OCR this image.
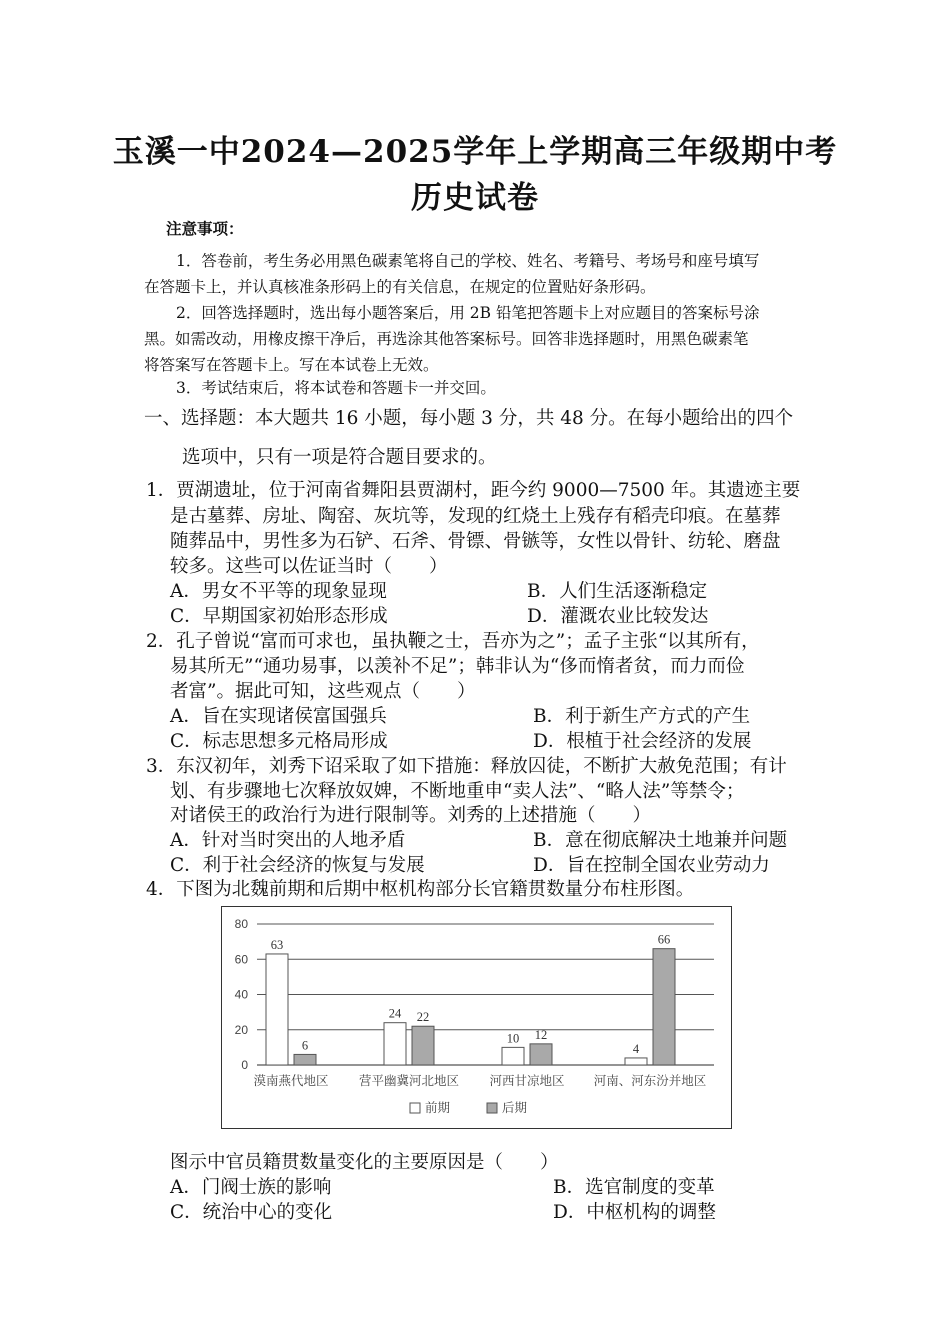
玉溪一中2024—2025学年上学期高三年级期中考
历史试卷
注意事项：
1．答卷前，考生务必用黑色碳素笔将自己的学校、姓名、考籍号、考场号和座号填写
在答题卡上，并认真核准条形码上的有关信息，在规定的位置贴好条形码。
2．回答选择题时，选出每小题答案后，用 2B 铅笔把答题卡上对应题目的答案标号涂
黑。如需改动，用橡皮擦干净后，再选涂其他答案标号。回答非选择题时，用黑色碳素笔
将答案写在答题卡上。写在本试卷上无效。
3．考试结束后，将本试卷和答题卡一并交回。
一、选择题：本大题共 16 小题，每小题 3 分，共 48 分。在每小题给出的四个
选项中，只有一项是符合题目要求的。
1．贾湖遗址，位于河南省舞阳县贾湖村，距今约 9000—7500 年。其遗迹主要
是古墓葬、房址、陶窑、灰坑等，发现的红烧土上残存有稻壳印痕。在墓葬
随葬品中，男性多为石铲、石斧、骨镖、骨镞等，女性以骨针、纺轮、磨盘
较多。这些可以佐证当时（　　）
A．男女不平等的现象显现	B．人们生活逐渐稳定
C．早期国家初始形态形成	D．灌溉农业比较发达
2．孔子曾说“富而可求也，虽执鞭之士，吾亦为之”；孟子主张“以其所有，
易其所无”“通功易事，以羡补不足”；韩非认为“侈而惰者贫，而力而俭
者富”。据此可知，这些观点（　　）
A．旨在实现诸侯富国强兵	B．利于新生产方式的产生
C．标志思想多元格局形成	D．根植于社会经济的发展
3．东汉初年，刘秀下诏采取了如下措施：释放囚徒，不断扩大赦免范围；有计
划、有步骤地七次释放奴婢，不断地重申“卖人法”、“略人法”等禁令；
对诸侯王的政治行为进行限制等。刘秀的上述措施（　　）
A．针对当时突出的人地矛盾	B．意在彻底解决土地兼并问题
C．利于社会经济的恢复与发展	D．旨在控制全国农业劳动力
4．下图为北魏前期和后期中枢机构部分长官籍贯数量分布柱形图。
0
20
40
60
80
63
6
漠南燕代地区
24 22
营平幽冀河北地区
10 12
河西甘凉地区
4
66
河南、河东汾并地区
前期	后期
图示中官员籍贯数量变化的主要原因是（　　）
A．门阀士族的影响	B．选官制度的变革
C．统治中心的变化	D．中枢机构的调整
